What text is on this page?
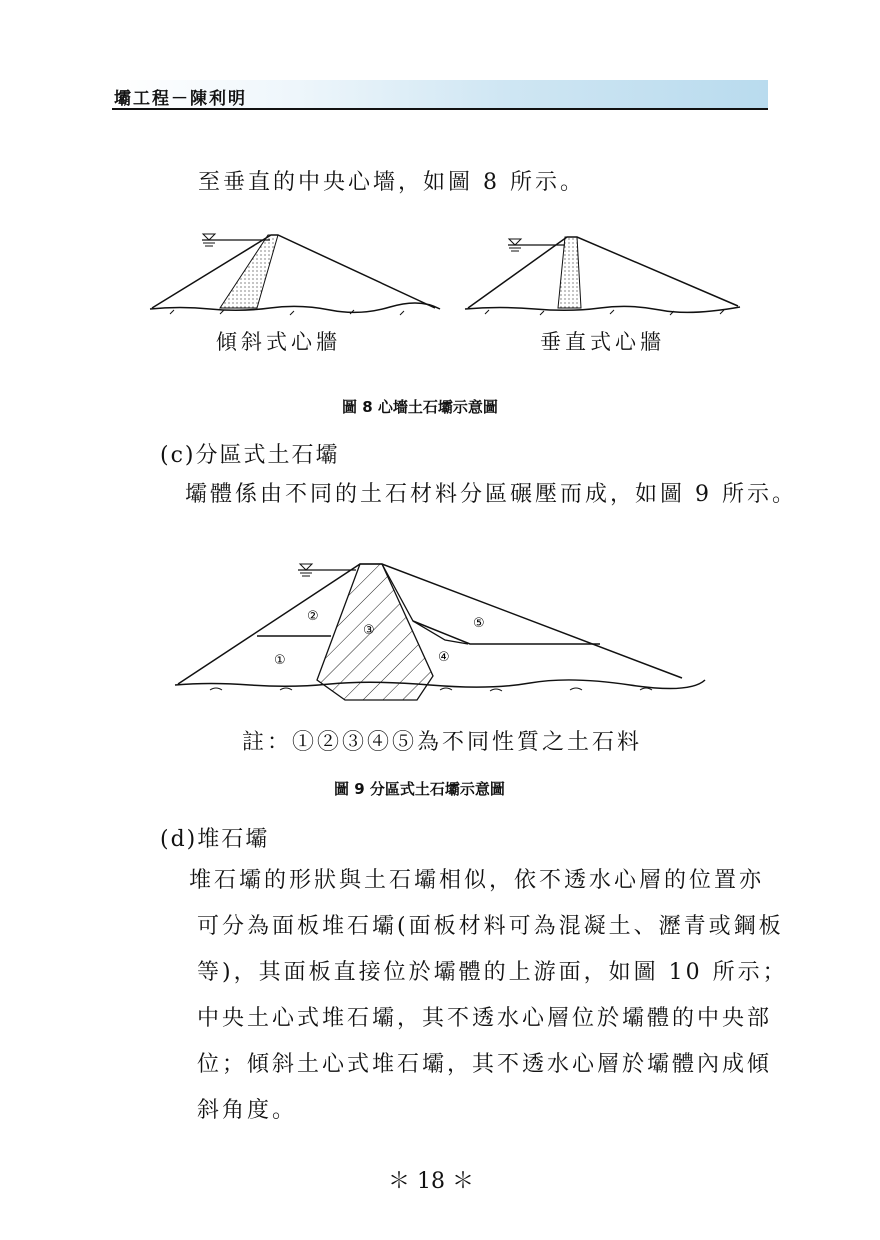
壩工程－陳利明
至垂直的中央心墻，如圖 8 所示。
傾斜式心牆	垂直式心牆
圖 8 心墻土石壩示意圖
(c)分區式土石壩
壩體係由不同的土石材料分區碾壓而成，如圖 9 所示。
①
②
③
④
⑤
註：①②③④⑤為不同性質之土石料
圖 9 分區式土石壩示意圖
(d)堆石壩
堆石壩的形狀與土石壩相似，依不透水心層的位置亦
可分為面板堆石壩(面板材料可為混凝土、瀝青或鋼板
等)，其面板直接位於壩體的上游面，如圖 10 所示；
中央土心式堆石壩，其不透水心層位於壩體的中央部
位；傾斜土心式堆石壩，其不透水心層於壩體內成傾
斜角度。
＊ 18 ＊
